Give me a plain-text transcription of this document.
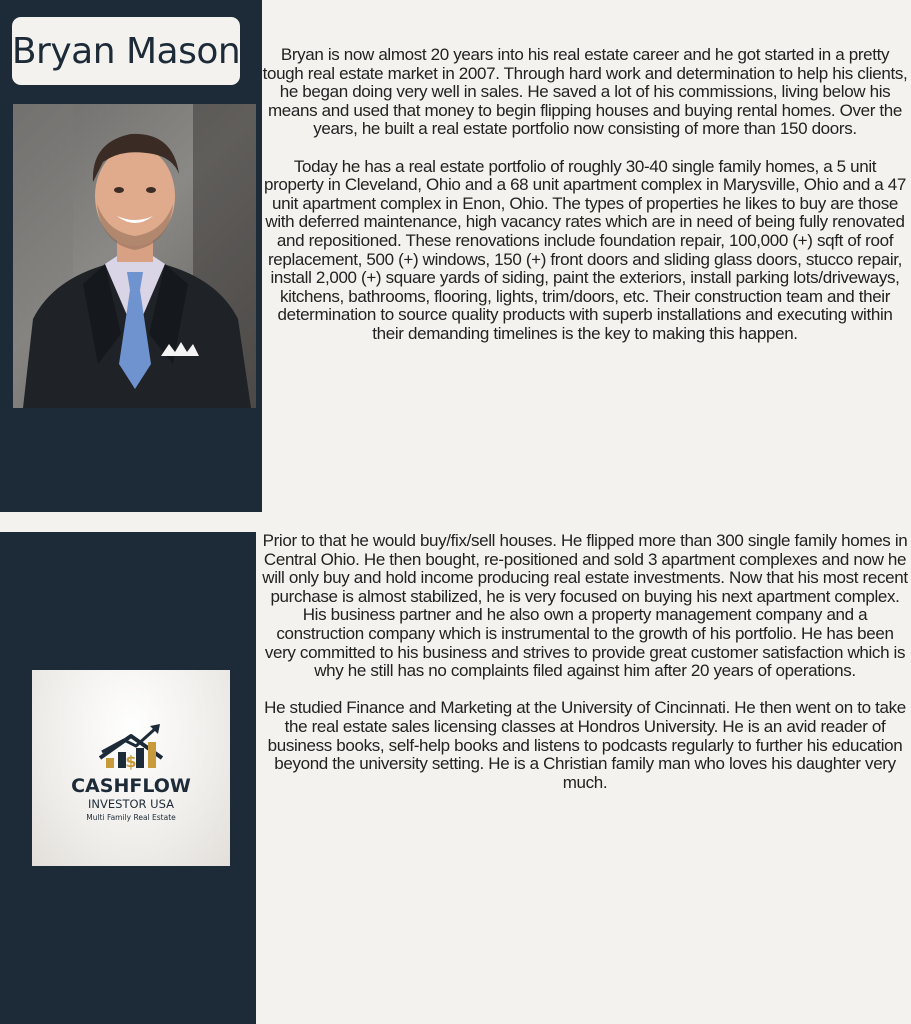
Bryan Mason
$
CASHFLOW
INVESTOR USA
Multi Family Real Estate

Bryan is now almost 20 years into his real estate career and he got started in a pretty tough real estate market in 2007. Through hard work and determination to help his clients, he began doing very well in sales. He saved a lot of his commissions, living below his means and used that money to begin flipping houses and buying rental homes. Over the years, he built a real estate portfolio now consisting of more than 150 doors.

Today he has a real estate portfolio of roughly 30-40 single family homes, a 5 unit property in Cleveland, Ohio and a 68 unit apartment complex in Marysville, Ohio and a 47 unit apartment complex in Enon, Ohio. The types of properties he likes to buy are those with deferred maintenance, high vacancy rates which are in need of being fully renovated and repositioned. These renovations include foundation repair, 100,000 (+) sqft of roof replacement, 500 (+) windows, 150 (+) front doors and sliding glass doors, stucco repair, install 2,000 (+) square yards of siding, paint the exteriors, install parking lots/driveways, kitchens, bathrooms, flooring, lights, trim/doors, etc. Their construction team and their determination to source quality products with superb installations and executing within their demanding timelines is the key to making this happen.

Prior to that he would buy/fix/sell houses. He flipped more than 300 single family homes in Central Ohio. He then bought, re-positioned and sold 3 apartment complexes and now he will only buy and hold income producing real estate investments. Now that his most recent purchase is almost stabilized, he is very focused on buying his next apartment complex. His business partner and he also own a property management company and a construction company which is instrumental to the growth of his portfolio. He has been very committed to his business and strives to provide great customer satisfaction which is why he still has no complaints filed against him after 20 years of operations.

He studied Finance and Marketing at the University of Cincinnati. He then went on to take the real estate sales licensing classes at Hondros University. He is an avid reader of business books, self-help books and listens to podcasts regularly to further his education beyond the university setting. He is a Christian family man who loves his daughter very much.
